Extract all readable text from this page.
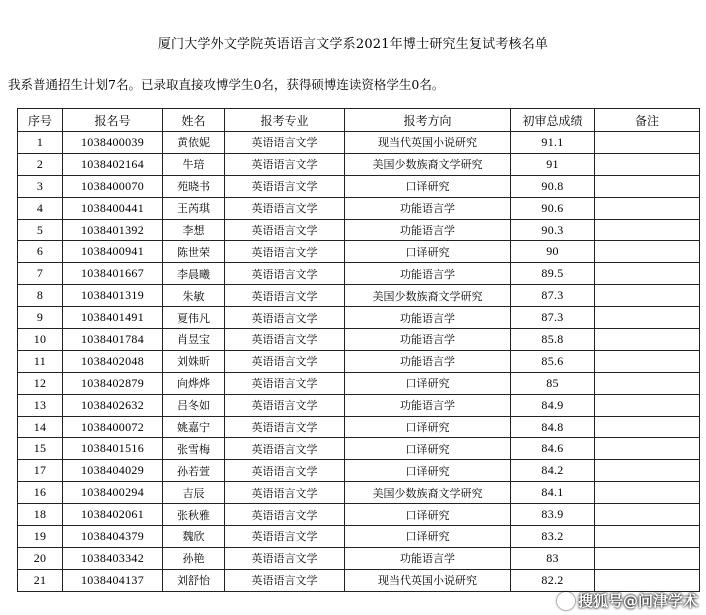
厦门大学外文学院英语语言文学系2021年博士研究生复试考核名单
我系普通招生计划7名。已录取直接攻博学生0名，获得硕博连读资格学生0名。
序号	报名号	姓名	报考专业	报考方向	初审总成绩	备注
1	1038400039	黄依妮	英语语言文学	现当代英国小说研究	91.1	
2	1038402164	牛琣	英语语言文学	美国少数族裔文学研究	91	
3	1038400070	苑晓书	英语语言文学	口译研究	90.8	
4	1038400441	王芮琪	英语语言文学	功能语言学	90.6	
5	1038401392	李想	英语语言文学	功能语言学	90.3	
6	1038400941	陈世荣	英语语言文学	口译研究	90	
7	1038401667	李晨曦	英语语言文学	功能语言学	89.5	
8	1038401319	朱敏	英语语言文学	美国少数族裔文学研究	87.3	
9	1038401491	夏伟凡	英语语言文学	功能语言学	87.3	
10	1038401784	肖昱宝	英语语言文学	功能语言学	85.8	
11	1038402048	刘姝昕	英语语言文学	功能语言学	85.6	
12	1038402879	向烨烨	英语语言文学	口译研究	85	
13	1038402632	吕冬如	英语语言文学	功能语言学	84.9	
14	1038400072	姚嘉宁	英语语言文学	口译研究	84.8	
15	1038401516	张雪梅	英语语言文学	口译研究	84.6	
17	1038404029	孙若萱	英语语言文学	口译研究	84.2	
16	1038400294	吉辰	英语语言文学	美国少数族裔文学研究	84.1	
18	1038402061	张秋雅	英语语言文学	口译研究	83.9	
19	1038404379	魏欣	英语语言文学	口译研究	83.2	
20	1038403342	孙艳	英语语言文学	功能语言学	83	
21	1038404137	刘舒怡	英语语言文学	现当代英国小说研究	82.2	
搜狐号@问津学术
